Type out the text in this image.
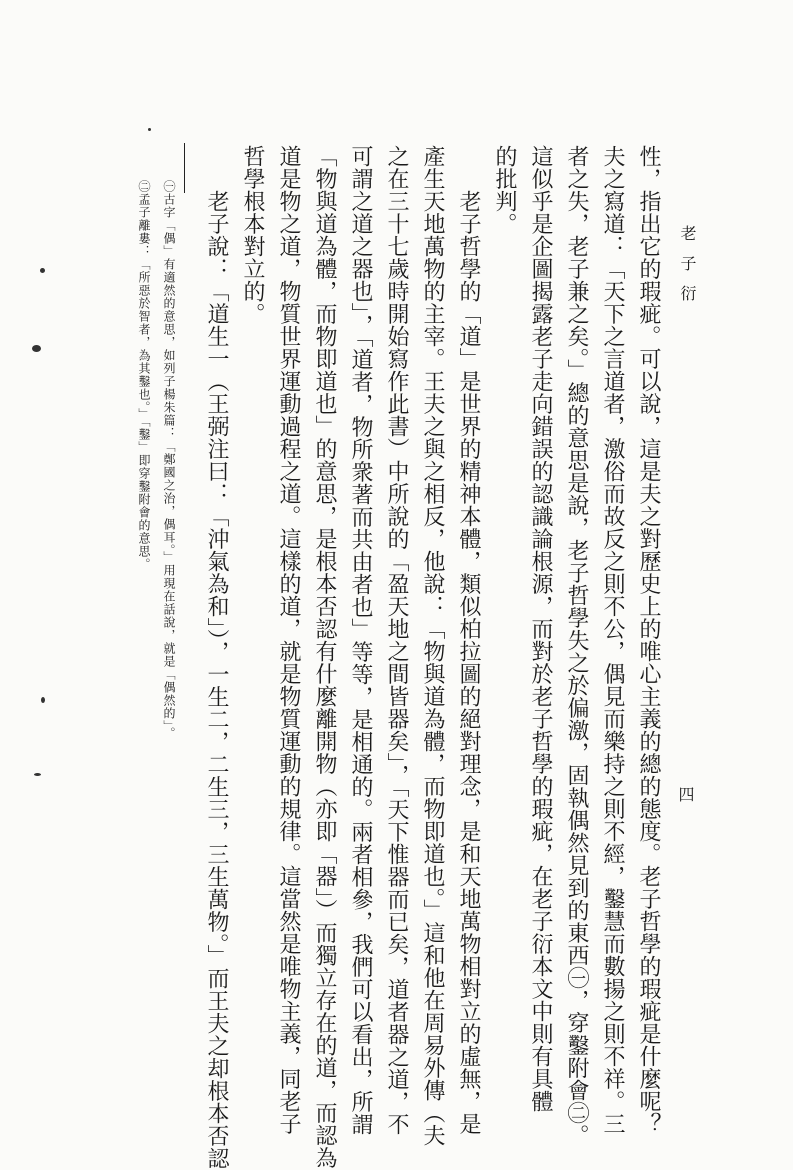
老子衍
四
性，指出它的瑕疵。可以說，這是夫之對歷史上的唯心主義的總的態度。老子哲學的瑕疵是什麼呢？
夫之寫道：「天下之言道者，激俗而故反之則不公，偶見而樂持之則不經，鑿慧而數揚之則不祥。三
者之失，老子兼之矣。」總的意思是說，老子哲學失之於偏激，固執偶然見到的東西㊀，穿鑿附會㊁。
這似乎是企圖揭露老子走向錯誤的認識論根源，而對於老子哲學的瑕疵，在老子衍本文中則有具體
的批判。
　　老子哲學的「道」是世界的精神本體，類似柏拉圖的絕對理念，是和天地萬物相對立的虛無，是
產生天地萬物的主宰。王夫之與之相反，他說：「物與道為體，而物即道也。」這和他在周易外傳（夫
之在三十七歲時開始寫作此書）中所說的「盈天地之間皆器矣」，「天下惟器而已矣，道者器之道，不
可謂之道之器也」，「道者，物所衆著而共由者也」等等，是相通的。兩者相參，我們可以看出，所謂
「物與道為體，而物即道也」的意思，是根本否認有什麼離開物（亦即「器」）而獨立存在的道，而認為
道是物之道，物質世界運動過程之道。這樣的道，就是物質運動的規律。這當然是唯物主義，同老子
哲學根本對立的。
　　老子說：「道生一（王弼注曰：「沖氣為和」），一生二，二生三，三生萬物。」而王夫之却根本否認
㊀古字「偶」有適然的意思，如列子楊朱篇：「鄭國之治，偶耳。」用現在話說，就是「偶然的」。
㊁孟子離婁：「所惡於智者，為其鑿也。」「鑿」即穿鑿附會的意思。
